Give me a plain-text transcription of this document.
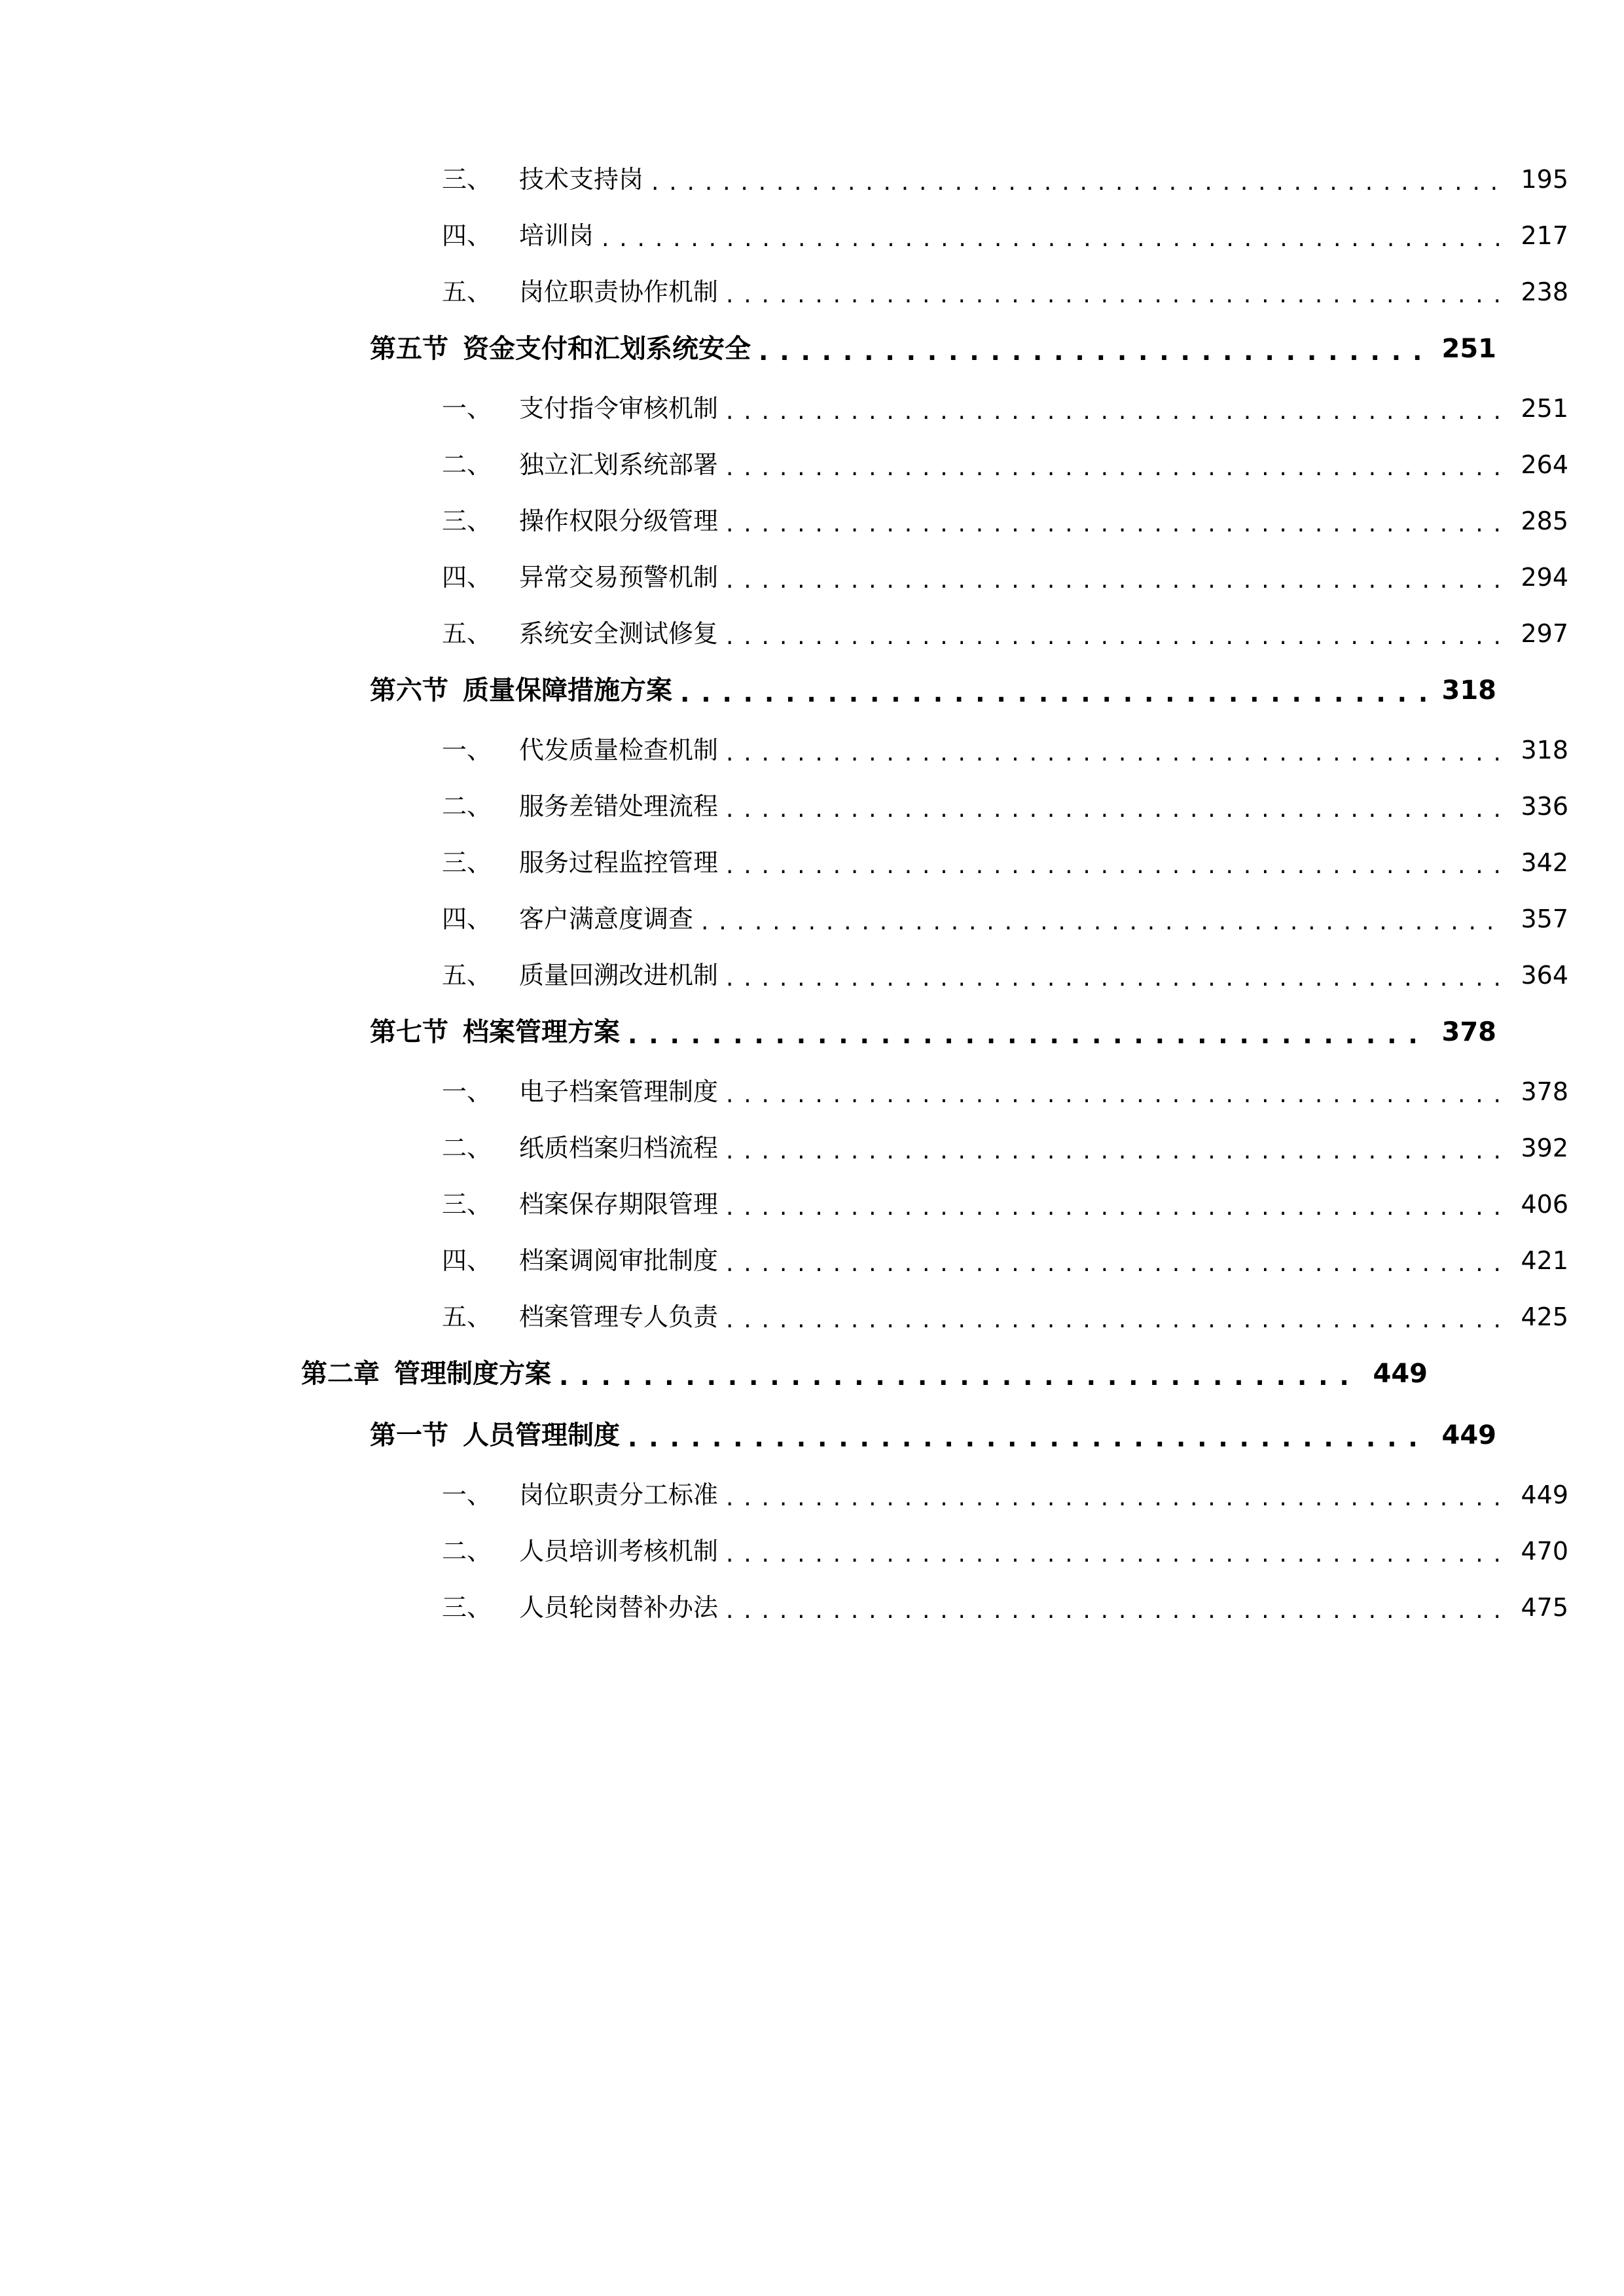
三、	技术支持岗 . . .	195
四、	培训岗 . . .	217
五、	岗位职责协作机制 . . .	238
第五节 资金支付和汇划系统安全 . . .	251
一、	支付指令审核机制 . . .	251
二、	独立汇划系统部署 . . .	264
三、	操作权限分级管理 . . .	285
四、	异常交易预警机制 . . .	294
五、	系统安全测试修复 . . .	297
第六节 质量保障措施方案 . . .	318
一、	代发质量检查机制 . . .	318
二、	服务差错处理流程 . . .	336
三、	服务过程监控管理 . . .	342
四、	客户满意度调查 . . .	357
五、	质量回溯改进机制 . . .	364
第七节 档案管理方案 . . .	378
一、	电子档案管理制度 . . .	378
二、	纸质档案归档流程 . . .	392
三、	档案保存期限管理 . . .	406
四、	档案调阅审批制度 . . .	421
五、	档案管理专人负责 . . .	425
第二章 管理制度方案 . . .	449
第一节 人员管理制度 . . .	449
一、	岗位职责分工标准 . . .	449
二、	人员培训考核机制 . . .	470
三、	人员轮岗替补办法 . . .	475
